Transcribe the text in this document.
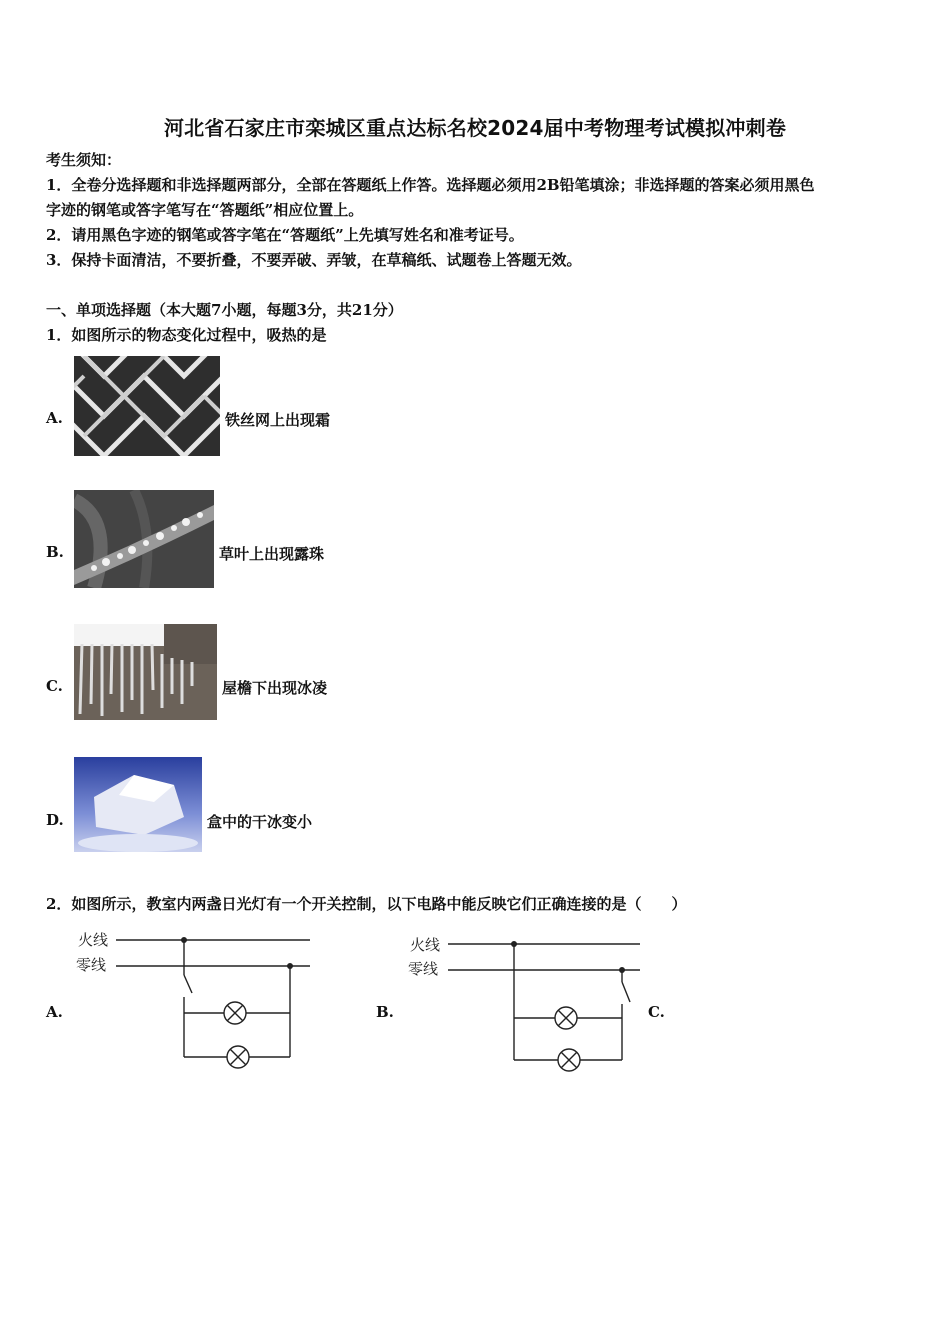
河北省石家庄市栾城区重点达标名校2024届中考物理考试模拟冲刺卷
考生须知：
1．全卷分选择题和非选择题两部分，全部在答题纸上作答。选择题必须用2B铅笔填涂；非选择题的答案必须用黑色
字迹的钢笔或答字笔写在“答题纸”相应位置上。
2．请用黑色字迹的钢笔或答字笔在“答题纸”上先填写姓名和准考证号。
3．保持卡面清洁，不要折叠，不要弄破、弄皱，在草稿纸、试题卷上答题无效。
一、单项选择题（本大题7小题，每题3分，共21分）
1．如图所示的物态变化过程中，吸热的是
A.	铁丝网上出现霜
B.	草叶上出现露珠
C.	屋檐下出现冰凌
D.	盒中的干冰变小
2．如图所示，教室内两盏日光灯有一个开关控制，以下电路中能反映它们正确连接的是（　　）
A.	B.	C.
火线
零线
火线
零线
